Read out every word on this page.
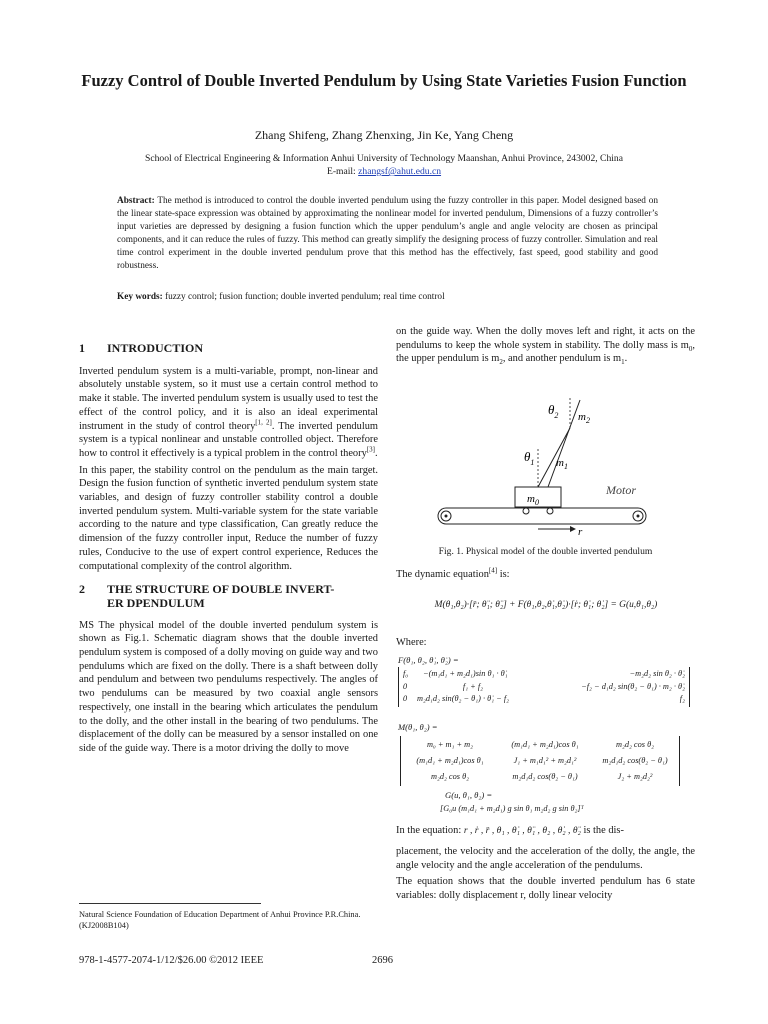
Fuzzy Control of Double Inverted Pendulum by Using State Varieties Fusion Function
Zhang Shifeng, Zhang Zhenxing, Jin Ke, Yang Cheng
School of Electrical Engineering & Information Anhui University of Technology Maanshan, Anhui Province, 243002, China
E-mail: zhangsf@ahut.edu.cn
Abstract: The method is introduced to control the double inverted pendulum using the fuzzy controller in this paper. Model designed based on the linear state-space expression was obtained by approximating the nonlinear model for inverted pendulum, Dimensions of a fuzzy controller’s input varieties are depressed by designing a fusion function which the upper pendulum’s angle and angle velocity are chosen as principal components, and it can reduce the rules of fuzzy. This method can greatly simplify the designing process of fuzzy controller. Simulation and real time control experiment in the double inverted pendulum prove that this method has the effectively, fast speed, good stability and good robustness.
Key words: fuzzy control; fusion function; double inverted pendulum; real time control
1 INTRODUCTION

Inverted pendulum system is a multi-variable, prompt, non-linear and absolutely unstable system, so it must use a certain control method to make it stable. The inverted pendulum system is usually used to test the effect of the control policy, and it is also an ideal experimental instrument in the study of control theory[1, 2]. The inverted pendulum system is a typical nonlinear and unstable controlled object. Therefore how to control it effectively is a typical problem in the control theory[3].

In this paper, the stability control on the pendulum as the main target. Design the fusion function of synthetic inverted pendulum system state variables, and design of fuzzy controller stability control a double inverted pendulum system. Multi-variable system for the state variable according to the nature and type classification, Can greatly reduce the dimension of the fuzzy controller input, Reduce the number of fuzzy rules, Conducive to the use of expert control experience, Reduces the computational complexity of the control algorithm.

2 THE STRUCTURE OF DOUBLE INVERT-
ER DPENDULUM

MS The physical model of the double inverted pendulum system is shown as Fig.1. Schematic diagram shows that the double inverted pendulum system is composed of a dolly moving on guide way and two pendulums which are fixed on the dolly. There is a shaft between dolly and pendulum and between two pendulums respectively. The angles of two pendulums can be measured by two coaxial angle sensors respectively, one install in the bearing which articulates the pendulum to the dolly, and the other install in the bearing of two pendulums. The displacement of the dolly can be measured by a sensor installed on one side of the guide way. There is a motor driving the dolly to move

Natural Science Foundation of Education Department of Anhui Province P.R.China. (KJ2008B104)
on the guide way. When the dolly moves left and right, it acts on the pendulums to keep the whole system in stability. The dolly mass is $m_0$, the upper pendulum is $m_2$, and another pendulum is $m_1$.
$\theta_2$ $m_2$
$\theta_1$ $m_1$
$m_0$
Motor
r
Fig. 1. Physical model of the double inverted pendulum
The dynamic equation[4] is:
M(θ₁,θ₂)·[r̈; θ̈₁; θ̈₂] + F(θ₁,θ₂,θ̇₁,θ̇₂)·[ṙ; θ̇₁; θ̇₂] = G(u,θ₁,θ₂)
Where:
F(θ₁, θ₂, θ̇₁, θ̇₂) =
f₀	−(m₁d₁ + m₂d₁)sin θ₁ · θ̇₁	−m₂d₂ sin θ₂ · θ̇₂
0	f₁ + f₂	−f₂ − d₁d₂ sin(θ₂ − θ₁) · m₂ · θ̇₂
0	m₂d₁d₂ sin(θ₂ − θ₁) · θ̇₁ − f₂	f₂
M(θ₁, θ₂) =
m₀ + m₁ + m₂	(m₁d₁ + m₂d₁)cos θ₁	m₂d₂ cos θ₂
(m₁d₁ + m₂d₁)cos θ₁	J₁ + m₁d₁² + m₂d₁²	m₂d₁d₂ cos(θ₂ − θ₁)
m₂d₂ cos θ₂	m₂d₁d₂ cos(θ₂ − θ₁)	J₂ + m₂d₂²
G(u, θ₁, θ₂) =
[G₀u (m₁d₁ + m₂d₁) g sin θ₁ m₂d₂ g sin θ₂]ᵀ
In the equation: r , ṙ , r̈ , θ₁ , θ̇₁ , θ̈₁ , θ₂ , θ̇₂ , θ̈₂ is the dis-

placement, the velocity and the acceleration of the dolly, the angle, the angle velocity and the angle acceleration of the pendulums.

The equation shows that the double inverted pendulum has 6 state variables: dolly displacement r, dolly linear velocity

978-1-4577-2074-1/12/$26.00 ©2012 IEEE	2696
